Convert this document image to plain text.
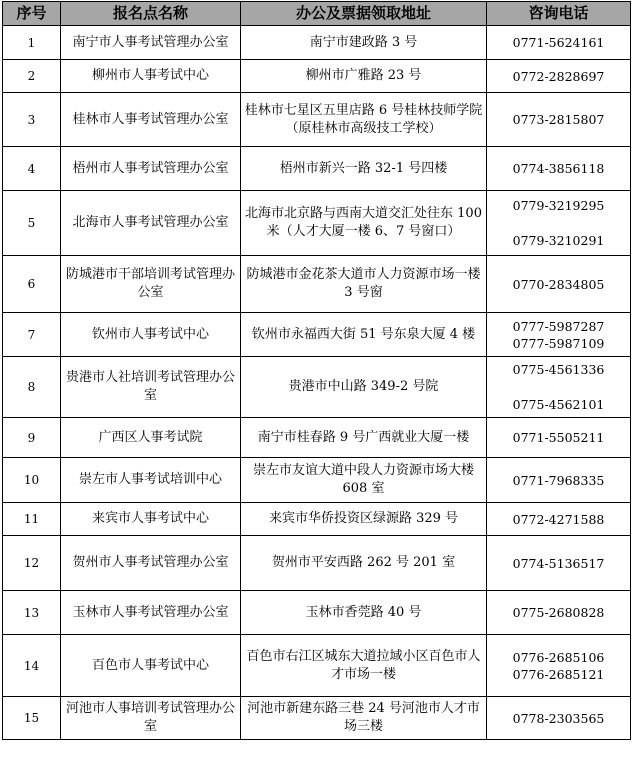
序号	报名点名称	办公及票据领取地址	咨询电话
1	南宁市人事考试管理办公室	南宁市建政路 3 号	0771-5624161

2	柳州市人事考试中心	柳州市广雅路 23 号	0772-2828697

3	桂林市人事考试管理办公室	桂林市七星区五里店路 6 号桂林技师学院（原桂林市高级技工学校）	0773-2815807

4	梧州市人事考试管理办公室	梧州市新兴一路 32-1 号四楼	0774-3856118

5	北海市人事考试管理办公室	北海市北京路与西南大道交汇处往东 100 米（人才大厦一楼 6、7 号窗口）	0779-3219295
0779-3210291

6	防城港市干部培训考试管理办公室	防城港市金花茶大道市人力资源市场一楼 3 号窗	0770-2834805

7	钦州市人事考试中心	钦州市永福西大街 51 号东泉大厦 4 楼	0777-5987287
0777-5987109

8	贵港市人社培训考试管理办公室	贵港市中山路 349-2 号院	0775-4561336
0775-4562101

9	广西区人事考试院	南宁市桂春路 9 号广西就业大厦一楼	0771-5505211

10	崇左市人事考试培训中心	崇左市友谊大道中段人力资源市场大楼 608 室	0771-7968335

11	来宾市人事考试中心	来宾市华侨投资区绿源路 329 号	0772-4271588

12	贺州市人事考试管理办公室	贺州市平安西路 262 号 201 室	0774-5136517

13	玉林市人事考试管理办公室	玉林市香莞路 40 号	0775-2680828

14	百色市人事考试中心	百色市右江区城东大道拉域小区百色市人才市场一楼	0776-2685106
0776-2685121

15	河池市人事培训考试管理办公室	河池市新建东路三巷 24 号河池市人才市场三楼	0778-2303565
